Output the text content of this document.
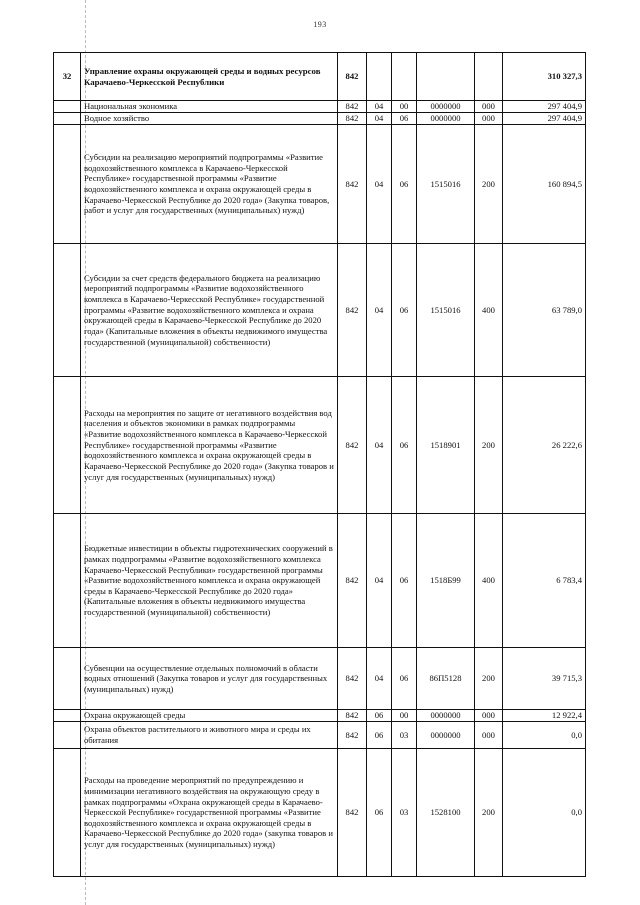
193
32	Управление охраны окружающей среды и водных ресурсов Карачаево-Черкесской Республики	842					310 327,3
	Национальная экономика	842	04	00	0000000	000	297 404,9
	Водное хозяйство	842	04	06	0000000	000	297 404,9
	Субсидии на реализацию мероприятий подпрограммы «Развитие водохозяйственного комплекса в Карачаево-Черкесской Республике» государственной программы «Развитие водохозяйственного комплекса и охрана окружающей среды в Карачаево-Черкесской Республике до 2020 года» (Закупка товаров, работ и услуг для государственных (муниципальных) нужд)	842	04	06	1515016	200	160 894,5
	Субсидии за счет средств федерального бюджета на реализацию мероприятий подпрограммы «Развитие водохозяйственного комплекса в Карачаево-Черкесской Республике» государственной программы «Развитие водохозяйственного комплекса и охрана окружающей среды в Карачаево-Черкесской Республике до 2020 года» (Капитальные вложения в объекты недвижимого имущества государственной (муниципальной) собственности)	842	04	06	1515016	400	63 789,0
	Расходы на мероприятия по защите от негативного воздействия вод населения и объектов экономики в рамках подпрограммы «Развитие водохозяйственного комплекса в Карачаево-Черкесской Республике» государственной программы «Развитие водохозяйственного комплекса и охрана окружающей среды в Карачаево-Черкесской Республике до 2020 года» (Закупка товаров и услуг для государственных (муниципальных) нужд)	842	04	06	1518901	200	26 222,6
	Бюджетные инвестиции в объекты гидротехнических сооружений в рамках подпрограммы «Развитие водохозяйственного комплекса Карачаево-Черкесской Республики» государственной программы «Развитие водохозяйственного комплекса и охрана окружающей среды в Карачаево-Черкесской Республике до 2020 года» (Капитальные вложения в объекты недвижимого имущества государственной (муниципальной) собственности)	842	04	06	1518Б99	400	6 783,4
	Субвенции на осуществление отдельных полномочий в области водных отношений (Закупка товаров и услуг для государственных (муниципальных) нужд)	842	04	06	86П5128	200	39 715,3
	Охрана окружающей среды	842	06	00	0000000	000	12 922,4
	Охрана объектов растительного и животного мира и среды их обитания	842	06	03	0000000	000	0,0
	Расходы на проведение мероприятий по предупреждению и минимизации негативного воздействия на окружающую среду в рамках подпрограммы «Охрана окружающей среды в Карачаево-Черкесской Республике» государственной программы «Развитие водохозяйственного комплекса и охрана окружающей среды в Карачаево-Черкесской Республике до 2020 года» (закупка товаров и услуг для государственных (муниципальных) нужд)	842	06	03	1528100	200	0,0
